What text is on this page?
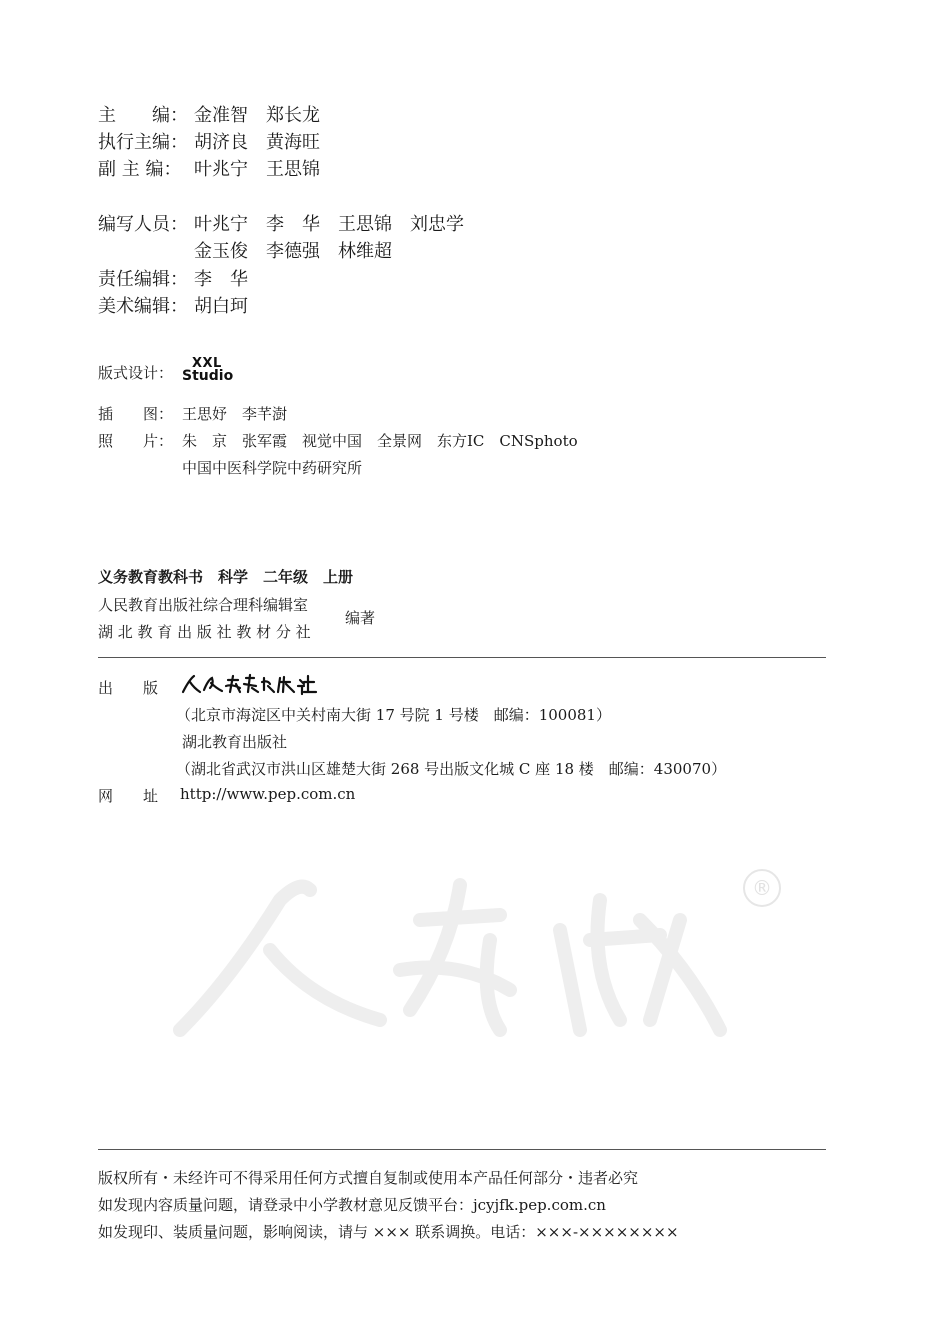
主　　编： 金准智　郑长龙
执行主编： 胡济良　黄海旺
副 主 编： 叶兆宁　王思锦
编写人员： 叶兆宁　李　华　王思锦　刘忠学
金玉俊　李德强　林维超
责任编辑： 李　华
美术编辑： 胡白珂
版式设计：
XXL
Studio
插　　图： 王思妤　李芊澍
照　　片： 朱　京　张军霞　视觉中国　全景网　东方IC　CNSphoto
中国中医科学院中药研究所
义务教育教科书　科学　二年级　上册
人民教育出版社综合理科编辑室
湖 北 教 育 出 版 社 教 材 分 社
编著
出　　版
（北京市海淀区中关村南大街 17 号院 1 号楼　邮编：100081）
湖北教育出版社
（湖北省武汉市洪山区雄楚大街 268 号出版文化城 C 座 18 楼　邮编：430070）
网　　址 http://www.pep.com.cn
®
版权所有・未经许可不得采用任何方式擅自复制或使用本产品任何部分・违者必究
如发现内容质量问题，请登录中小学教材意见反馈平台：jcyjfk.pep.com.cn
如发现印、装质量问题，影响阅读，请与 ××× 联系调换。电话：×××-××××××××
